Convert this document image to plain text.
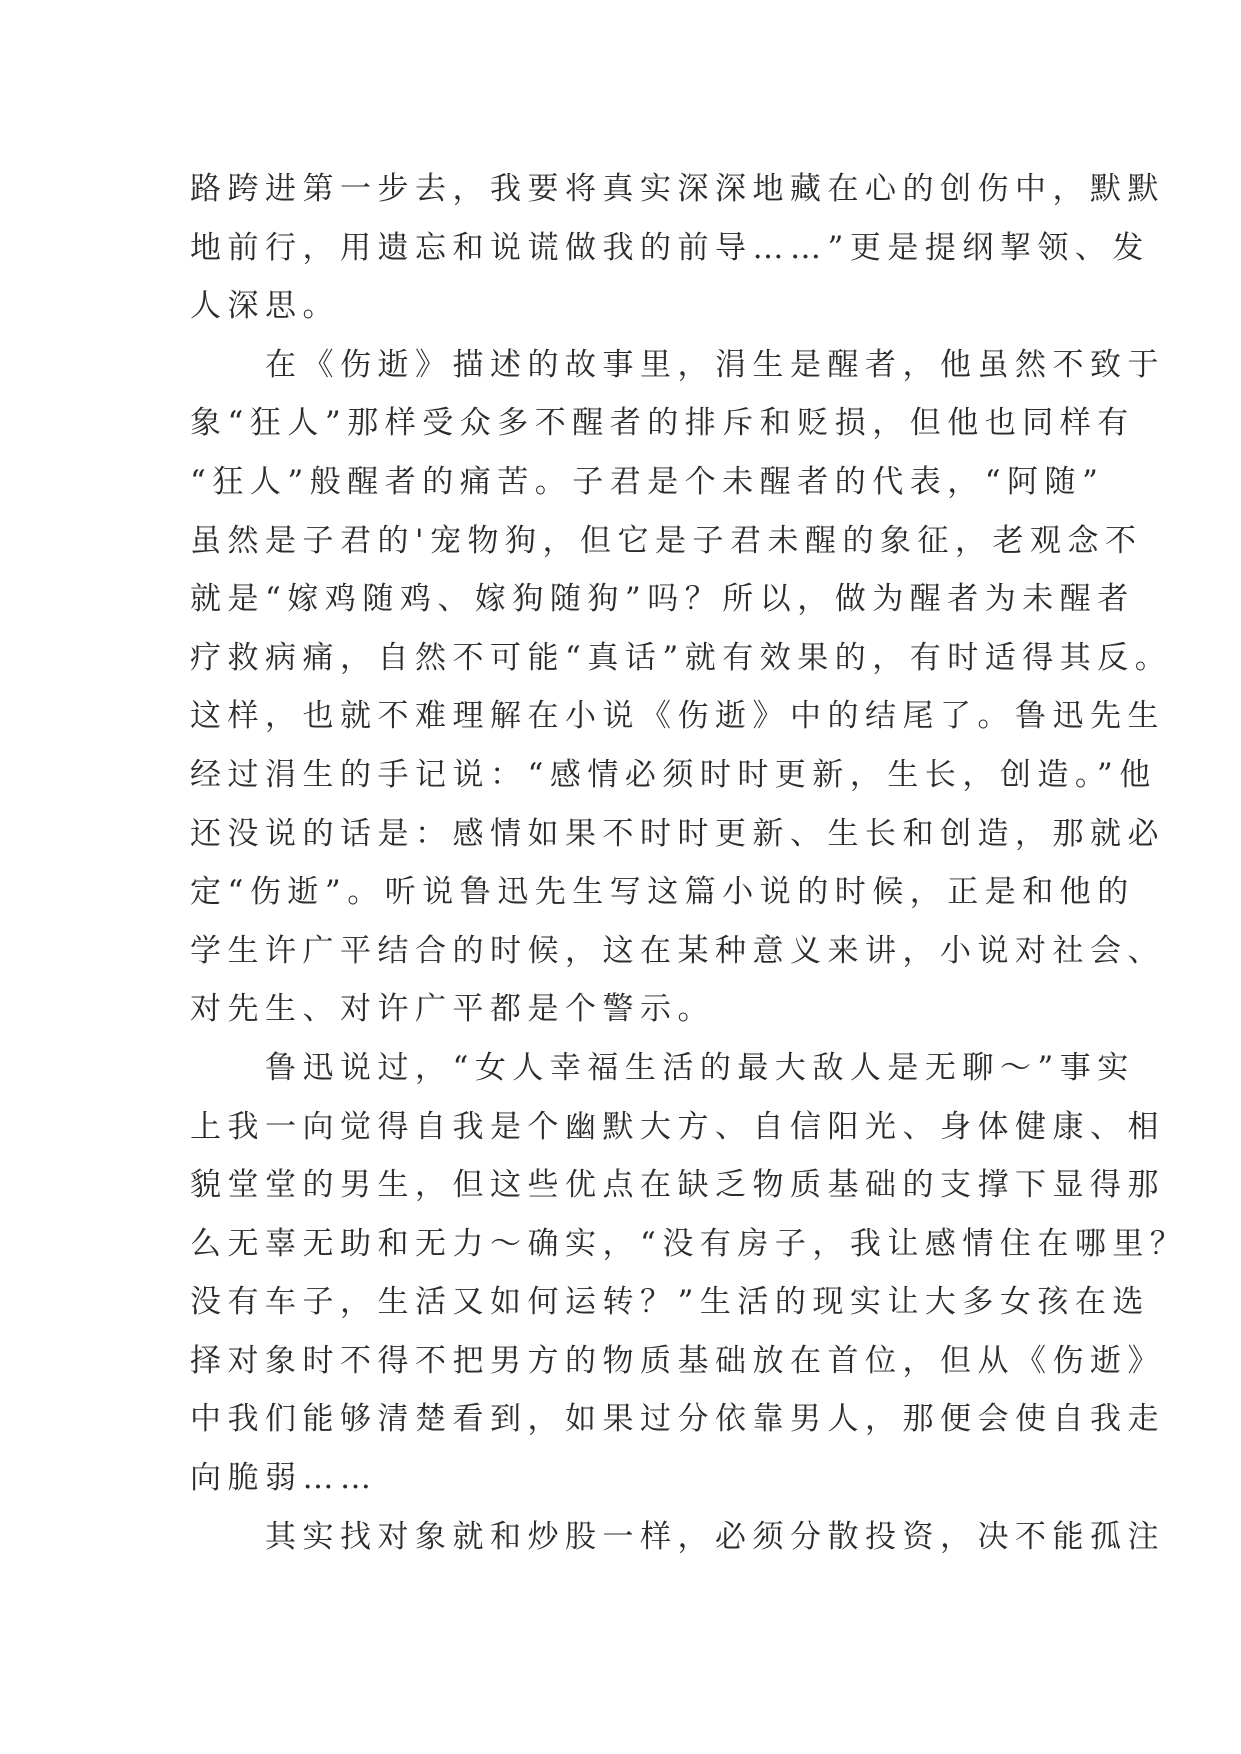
路跨进第一步去，我要将真实深深地藏在心的创伤中，默默
地前行，用遗忘和说谎做我的前导……”更是提纲挈领、发
人深思。
　　在《伤逝》描述的故事里，涓生是醒者，他虽然不致于
象“狂人”那样受众多不醒者的排斥和贬损，但他也同样有
“狂人”般醒者的痛苦。子君是个未醒者的代表，“阿随”
虽然是子君的'宠物狗，但它是子君未醒的象征，老观念不
就是“嫁鸡随鸡、嫁狗随狗”吗？所以，做为醒者为未醒者
疗救病痛，自然不可能“真话”就有效果的，有时适得其反。
这样，也就不难理解在小说《伤逝》中的结尾了。鲁迅先生
经过涓生的手记说：“感情必须时时更新，生长，创造。”他
还没说的话是：感情如果不时时更新、生长和创造，那就必
定“伤逝”。听说鲁迅先生写这篇小说的时候，正是和他的
学生许广平结合的时候，这在某种意义来讲，小说对社会、
对先生、对许广平都是个警示。
　　鲁迅说过，“女人幸福生活的最大敌人是无聊～”事实
上我一向觉得自我是个幽默大方、自信阳光、身体健康、相
貌堂堂的男生，但这些优点在缺乏物质基础的支撑下显得那
么无辜无助和无力～确实，“没有房子，我让感情住在哪里？
没有车子，生活又如何运转？”生活的现实让大多女孩在选
择对象时不得不把男方的物质基础放在首位，但从《伤逝》
中我们能够清楚看到，如果过分依靠男人，那便会使自我走
向脆弱……
　　其实找对象就和炒股一样，必须分散投资，决不能孤注
